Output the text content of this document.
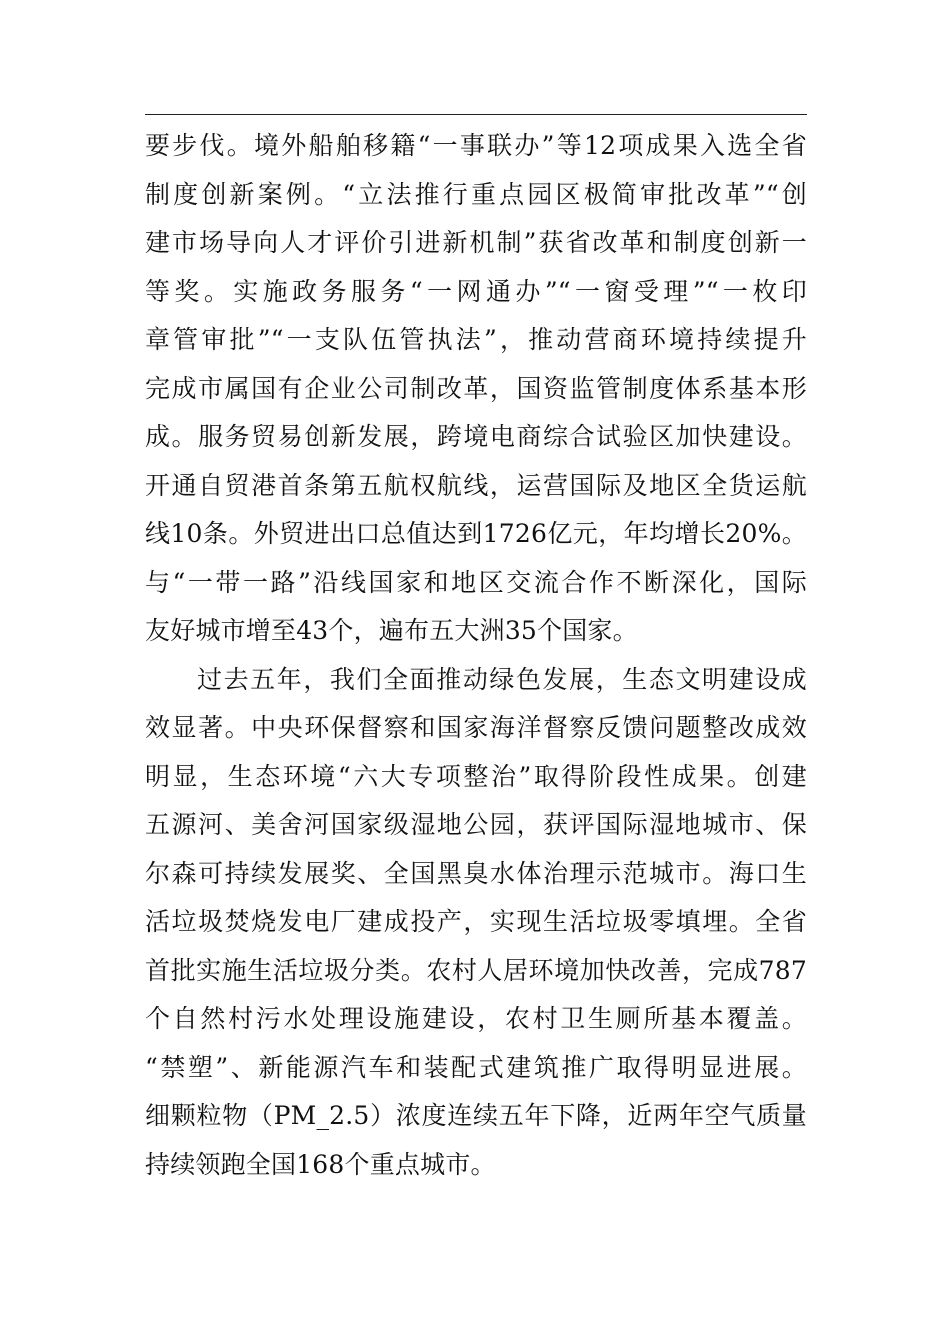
要步伐。境外船舶移籍“一事联办”等12项成果入选全省
制度创新案例。“立法推行重点园区极简审批改革”“创
建市场导向人才评价引进新机制”获省改革和制度创新一
等奖。实施政务服务“一网通办”“一窗受理”“一枚印
章管审批”“一支队伍管执法”，推动营商环境持续提升
完成市属国有企业公司制改革，国资监管制度体系基本形
成。服务贸易创新发展，跨境电商综合试验区加快建设。
开通自贸港首条第五航权航线，运营国际及地区全货运航
线10条。外贸进出口总值达到1726亿元，年均增长20%。
与“一带一路”沿线国家和地区交流合作不断深化，国际
友好城市增至43个，遍布五大洲35个国家。
过去五年，我们全面推动绿色发展，生态文明建设成
效显著。中央环保督察和国家海洋督察反馈问题整改成效
明显，生态环境“六大专项整治”取得阶段性成果。创建
五源河、美舍河国家级湿地公园，获评国际湿地城市、保
尔森可持续发展奖、全国黑臭水体治理示范城市。海口生
活垃圾焚烧发电厂建成投产，实现生活垃圾零填埋。全省
首批实施生活垃圾分类。农村人居环境加快改善，完成787
个自然村污水处理设施建设，农村卫生厕所基本覆盖。
“禁塑”、新能源汽车和装配式建筑推广取得明显进展。
细颗粒物（PM_2.5）浓度连续五年下降，近两年空气质量
持续领跑全国168个重点城市。
